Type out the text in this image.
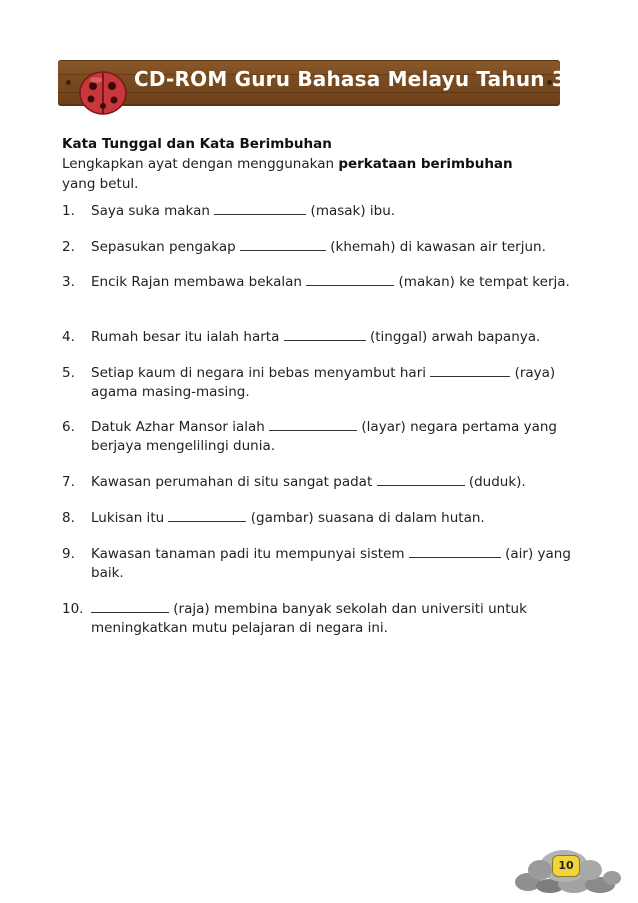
CD-ROM Guru Bahasa Melayu Tahun 3 SJK
Kata Tunggal dan Kata Berimbuhan
Lengkapkan ayat dengan menggunakan perkataan berimbuhan
yang betul.
1.	Saya suka makan	(masak) ibu.
2.	Sepasukan pengakap	(khemah) di kawasan air terjun.
3.	Encik Rajan membawa bekalan	(makan) ke tempat kerja.
4.	Rumah besar itu ialah harta	(tinggal) arwah bapanya.
5.	Setiap kaum di negara ini bebas menyambut hari	(raya) agama masing-masing.
6.	Datuk Azhar Mansor ialah	(layar) negara pertama yang berjaya mengelilingi dunia.
7.	Kawasan perumahan di situ sangat padat	(duduk).
8.	Lukisan itu	(gambar) suasana di dalam hutan.
9.	Kawasan tanaman padi itu mempunyai sistem	(air) yang baik.
10.	(raja) membina banyak sekolah dan universiti untuk meningkatkan mutu pelajaran di negara ini.
10
